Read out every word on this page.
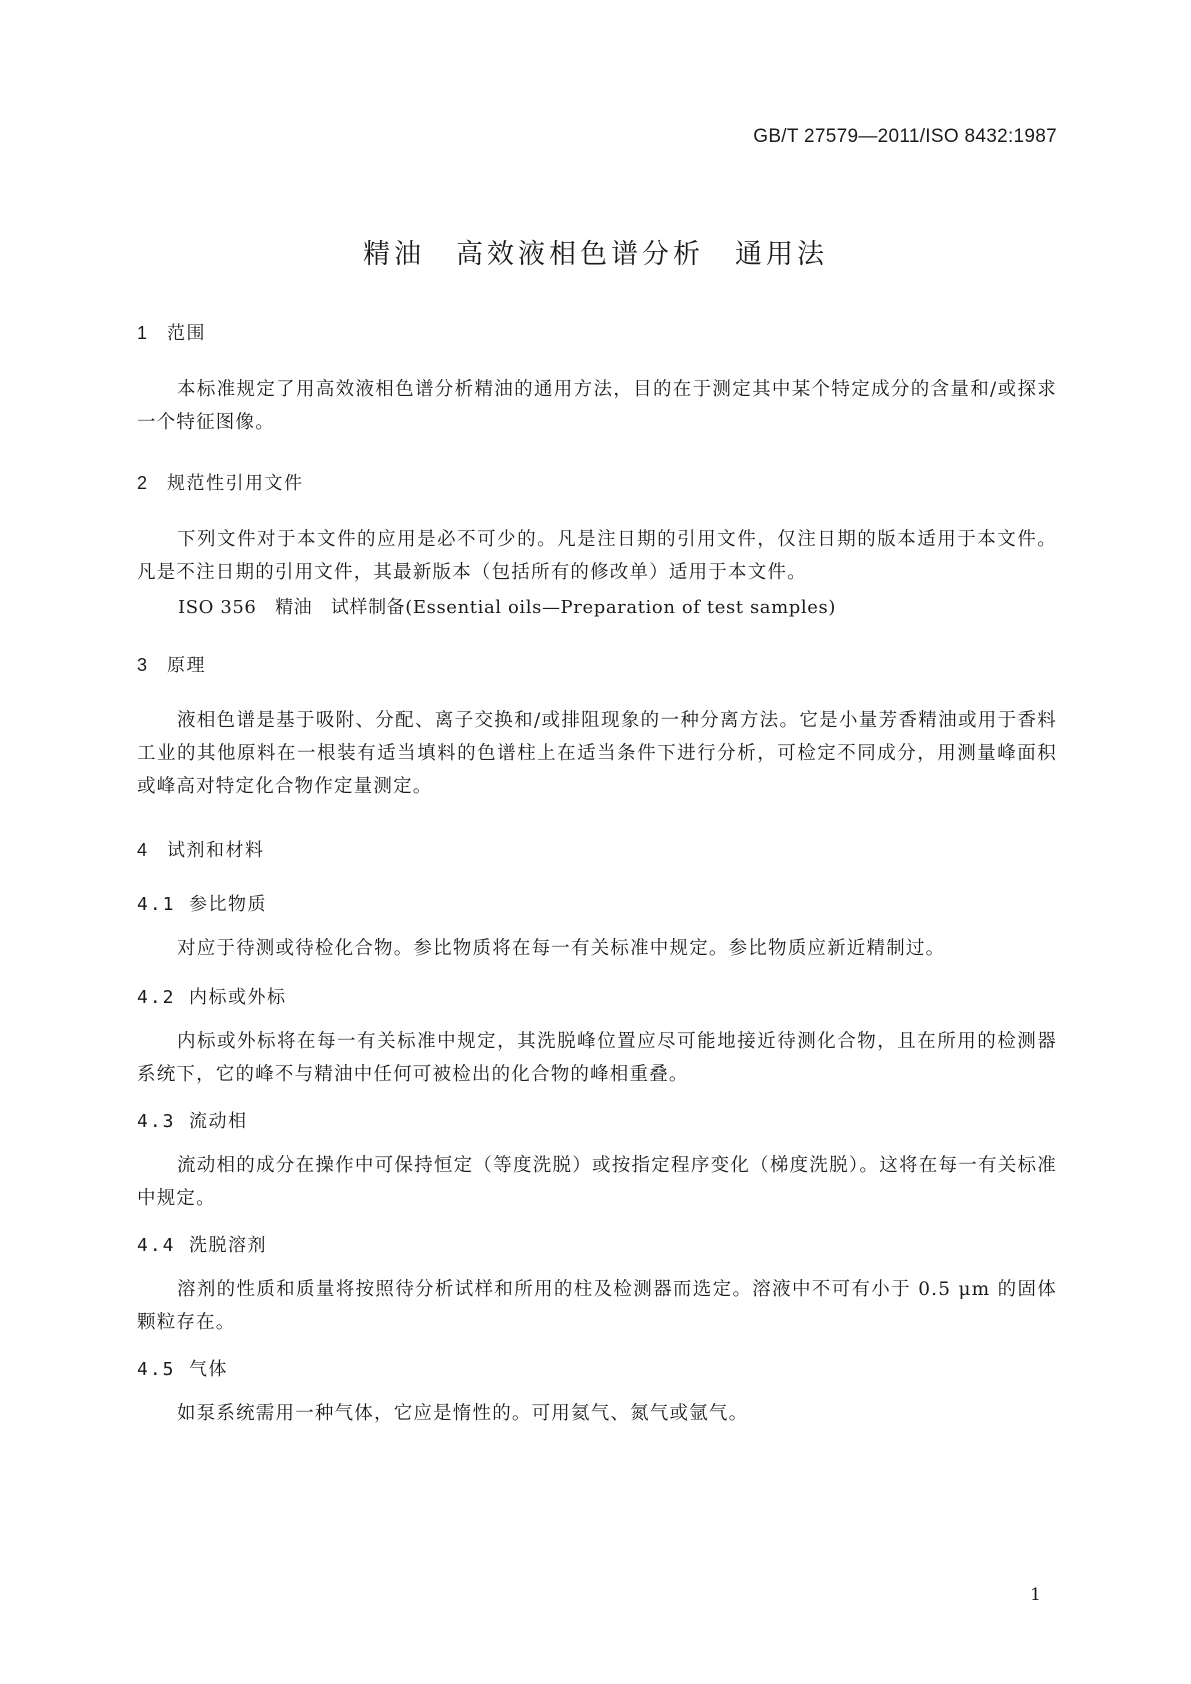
GB/T 27579—2011/ISO 8432:1987
精油　高效液相色谱分析　通用法
1 范围
本标准规定了用高效液相色谱分析精油的通用方法，目的在于测定其中某个特定成分的含量和/或探求一个特征图像。
2 规范性引用文件
下列文件对于本文件的应用是必不可少的。凡是注日期的引用文件，仅注日期的版本适用于本文件。凡是不注日期的引用文件，其最新版本（包括所有的修改单）适用于本文件。
ISO 356　精油　试样制备(Essential oils—Preparation of test samples)
3 原理
液相色谱是基于吸附、分配、离子交换和/或排阻现象的一种分离方法。它是小量芳香精油或用于香料工业的其他原料在一根装有适当填料的色谱柱上在适当条件下进行分析，可检定不同成分，用测量峰面积或峰高对特定化合物作定量测定。
4 试剂和材料
4.1 参比物质
对应于待测或待检化合物。参比物质将在每一有关标准中规定。参比物质应新近精制过。
4.2 内标或外标
内标或外标将在每一有关标准中规定，其洗脱峰位置应尽可能地接近待测化合物，且在所用的检测器系统下，它的峰不与精油中任何可被检出的化合物的峰相重叠。
4.3 流动相
流动相的成分在操作中可保持恒定（等度洗脱）或按指定程序变化（梯度洗脱）。这将在每一有关标准中规定。
4.4 洗脱溶剂
溶剂的性质和质量将按照待分析试样和所用的柱及检测器而选定。溶液中不可有小于 0.5 μm 的固体颗粒存在。
4.5 气体
如泵系统需用一种气体，它应是惰性的。可用氦气、氮气或氩气。
1
